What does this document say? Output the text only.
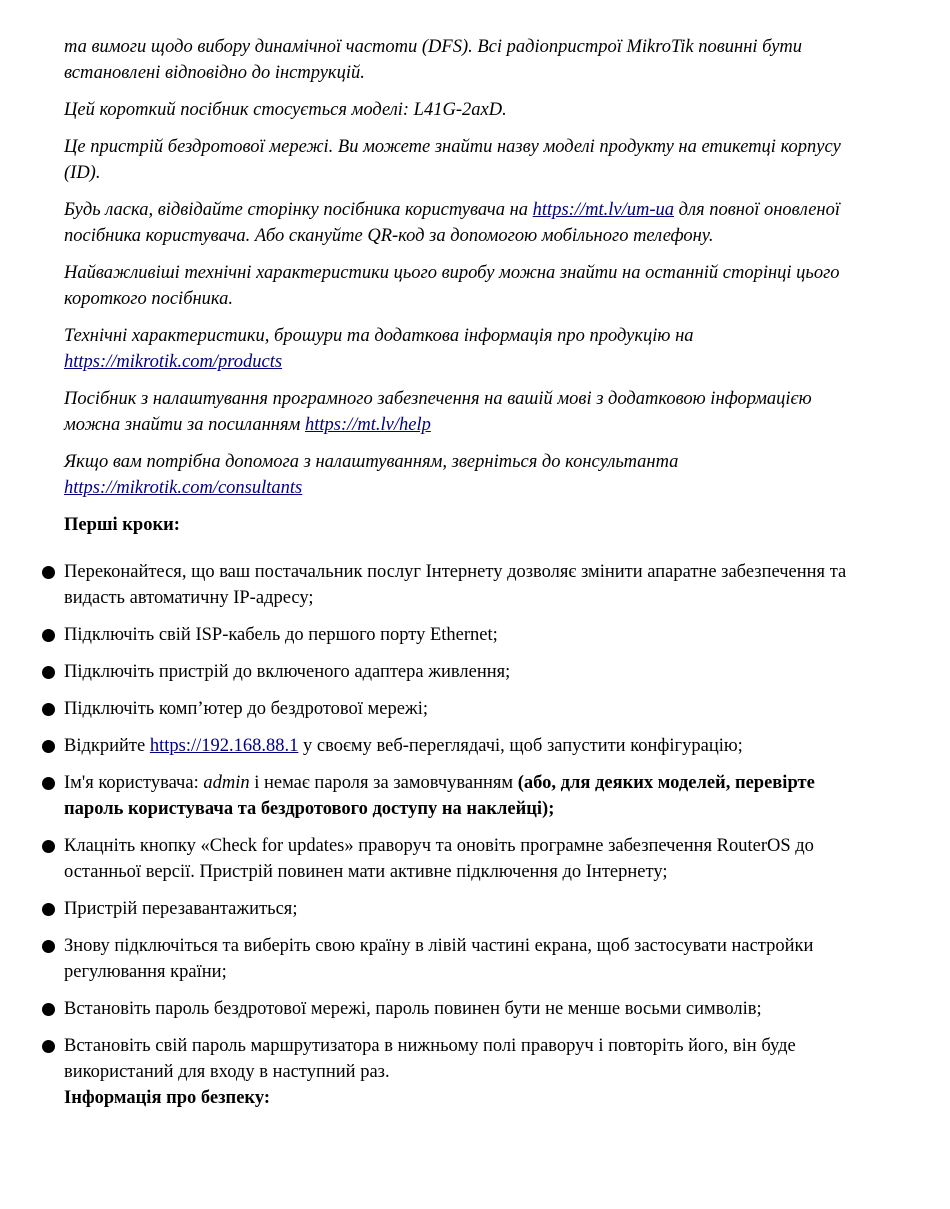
та вимоги щодо вибору динамічної частоти (DFS). Всі радіопристрої MikroTik повинні бути встановлені відповідно до інструкцій.

Цей короткий посібник стосується моделі: L41G-2axD.

Це пристрій бездротової мережі. Ви можете знайти назву моделі продукту на етикетці корпусу (ID).

Будь ласка, відвідайте сторінку посібника користувача на https://mt.lv/um-ua для повної оновленої посібника користувача. Або скануйте QR-код за допомогою мобільного телефону.

Найважливіші технічні характеристики цього виробу можна знайти на останній сторінці цього короткого посібника.

Технічні характеристики, брошури та додаткова інформація про продукцію на https://mikrotik.com/products

Посібник з налаштування програмного забезпечення на вашій мові з додатковою інформацією можна знайти за посиланням https://mt.lv/help

Якщо вам потрібна допомога з налаштуванням, зверніться до консультанта https://mikrotik.com/consultants

Перші кроки:

Переконайтеся, що ваш постачальник послуг Інтернету дозволяє змінити апаратне забезпечення та видасть автоматичну IP-адресу;
Підключіть свій ISP-кабель до першого порту Ethernet;
Підключіть пристрій до включеного адаптера живлення;
Підключіть комп’ютер до бездротової мережі;
Відкрийте https://192.168.88.1 у своєму веб-переглядачі, щоб запустити конфігурацію;
Ім'я користувача: admin і немає пароля за замовчуванням (або, для деяких моделей, перевірте пароль користувача та бездротового доступу на наклейці);
Клацніть кнопку «Check for updates» праворуч та оновіть програмне забезпечення RouterOS до останньої версії. Пристрій повинен мати активне підключення до Інтернету;
Пристрій перезавантажиться;
Знову підключіться та виберіть свою країну в лівій частині екрана, щоб застосувати настройки регулювання країни;
Встановіть пароль бездротової мережі, пароль повинен бути не менше восьми символів;
Встановіть свій пароль маршрутизатора в нижньому полі праворуч і повторіть його, він буде використаний для входу в наступний раз.

Інформація про безпеку:
